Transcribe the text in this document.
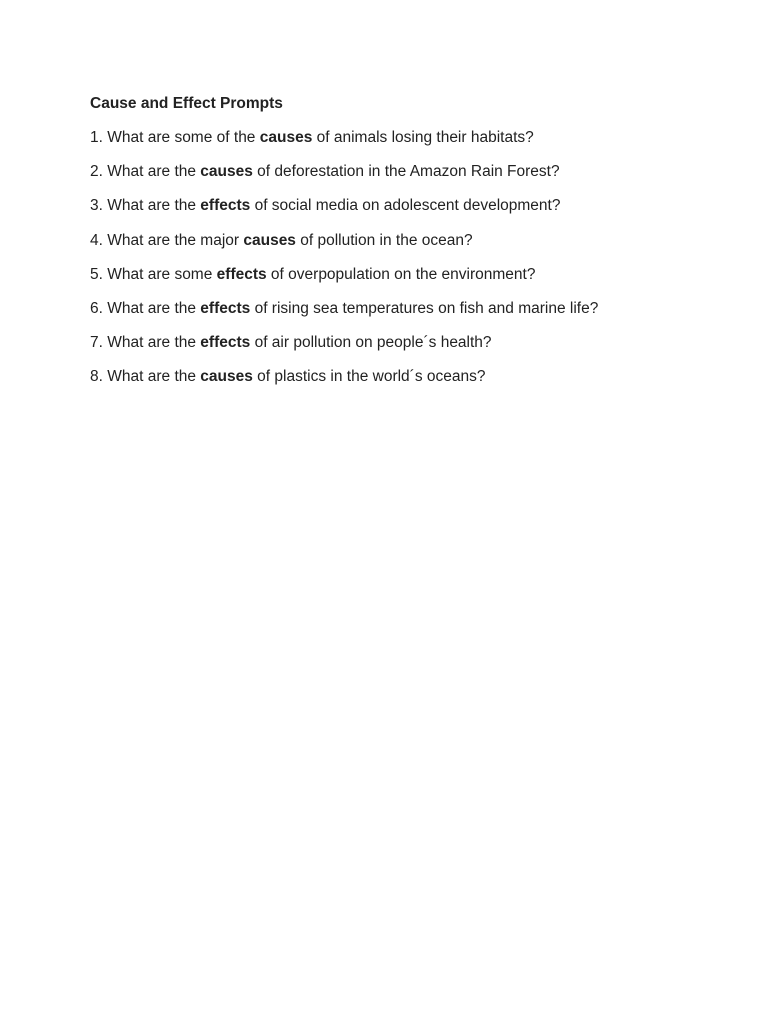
Cause and Effect Prompts
1. What are some of the causes of animals losing their habitats?
2. What are the causes of deforestation in the Amazon Rain Forest?
3. What are the effects of social media on adolescent development?
4. What are the major causes of pollution in the ocean?
5. What are some effects of overpopulation on the environment?
6. What are the effects of rising sea temperatures on fish and marine life?
7. What are the effects of air pollution on people´s health?
8. What are the causes of plastics in the world´s oceans?
